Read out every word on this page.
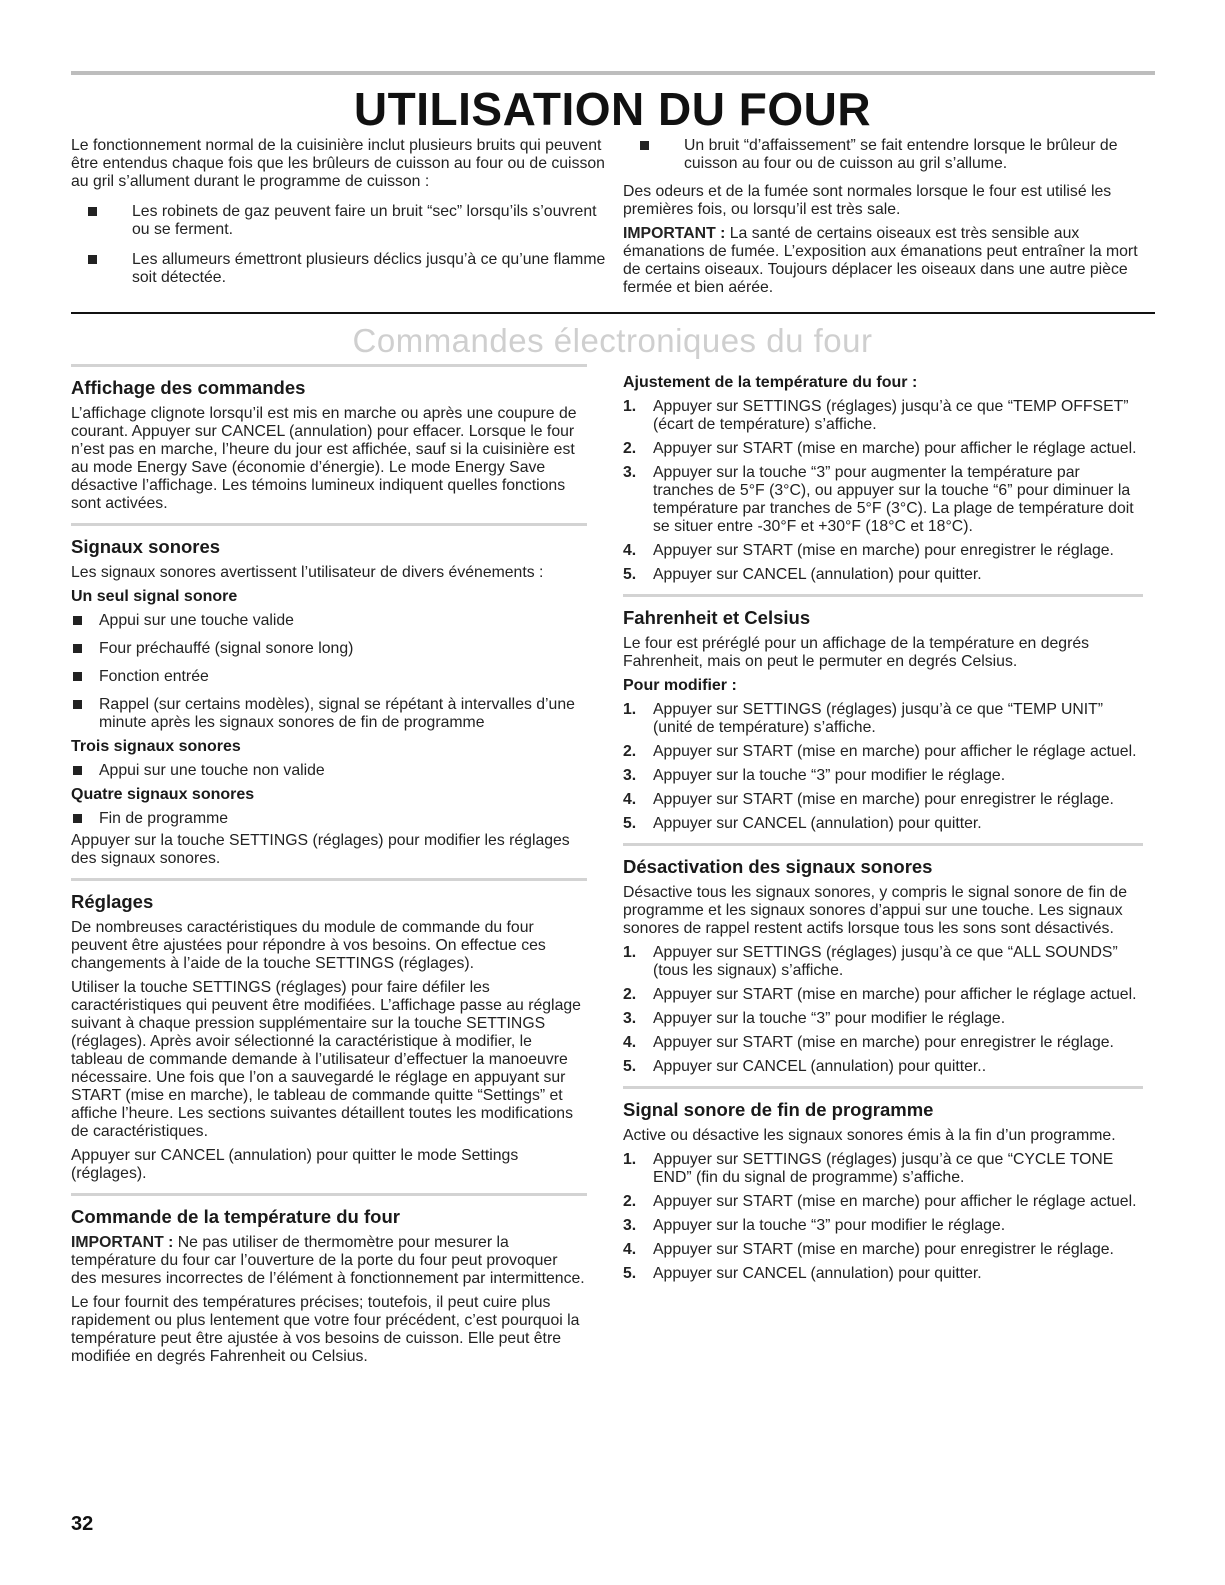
UTILISATION DU FOUR

Le fonctionnement normal de la cuisinière inclut plusieurs bruits qui peuvent être entendus chaque fois que les brûleurs de cuisson au four ou de cuisson au gril s’allument durant le programme de cuisson :

Les robinets de gaz peuvent faire un bruit “sec” lorsqu’ils s’ouvrent ou se ferment.
Les allumeurs émettront plusieurs déclics jusqu’à ce qu’une flamme soit détectée.
Un bruit “d’affaissement” se fait entendre lorsque le brûleur de cuisson au four ou de cuisson au gril s’allume.

Des odeurs et de la fumée sont normales lorsque le four est utilisé les premières fois, ou lorsqu’il est très sale.

IMPORTANT : La santé de certains oiseaux est très sensible aux émanations de fumée. L’exposition aux émanations peut entraîner la mort de certains oiseaux. Toujours déplacer les oiseaux dans une autre pièce fermée et bien aérée.

Commandes électroniques du four
Affichage des commandes

L’affichage clignote lorsqu’il est mis en marche ou après une coupure de courant. Appuyer sur CANCEL (annulation) pour effacer. Lorsque le four n’est pas en marche, l’heure du jour est affichée, sauf si la cuisinière est au mode Energy Save (économie d’énergie). Le mode Energy Save désactive l’affichage. Les témoins lumineux indiquent quelles fonctions sont activées.

Signaux sonores

Les signaux sonores avertissent l’utilisateur de divers événements :

Un seul signal sonore
Appui sur une touche valide
Four préchauffé (signal sonore long)
Fonction entrée
Rappel (sur certains modèles), signal se répétant à intervalles d’une minute après les signaux sonores de fin de programme
Trois signaux sonores
Appui sur une touche non valide
Quatre signaux sonores
Fin de programme

Appuyer sur la touche SETTINGS (réglages) pour modifier les réglages des signaux sonores.

Réglages

De nombreuses caractéristiques du module de commande du four peuvent être ajustées pour répondre à vos besoins. On effectue ces changements à l’aide de la touche SETTINGS (réglages).

Utiliser la touche SETTINGS (réglages) pour faire défiler les caractéristiques qui peuvent être modifiées. L’affichage passe au réglage suivant à chaque pression supplémentaire sur la touche SETTINGS (réglages). Après avoir sélectionné la caractéristique à modifier, le tableau de commande demande à l’utilisateur d’effectuer la manoeuvre nécessaire. Une fois que l’on a sauvegardé le réglage en appuyant sur START (mise en marche), le tableau de commande quitte “Settings” et affiche l’heure. Les sections suivantes détaillent toutes les modifications de caractéristiques.

Appuyer sur CANCEL (annulation) pour quitter le mode Settings (réglages).

Commande de la température du four

IMPORTANT : Ne pas utiliser de thermomètre pour mesurer la température du four car l’ouverture de la porte du four peut provoquer des mesures incorrectes de l’élément à fonctionnement par intermittence.

Le four fournit des températures précises; toutefois, il peut cuire plus rapidement ou plus lentement que votre four précédent, c’est pourquoi la température peut être ajustée à vos besoins de cuisson. Elle peut être modifiée en degrés Fahrenheit ou Celsius.

Ajustement de la température du four :
1. Appuyer sur SETTINGS (réglages) jusqu’à ce que “TEMP OFFSET” (écart de température) s’affiche.
2. Appuyer sur START (mise en marche) pour afficher le réglage actuel.
3. Appuyer sur la touche “3” pour augmenter la température par tranches de 5°F (3°C), ou appuyer sur la touche “6” pour diminuer la température par tranches de 5°F (3°C). La plage de température doit se situer entre -30°F et +30°F (18°C et 18°C).
4. Appuyer sur START (mise en marche) pour enregistrer le réglage.
5. Appuyer sur CANCEL (annulation) pour quitter.
Fahrenheit et Celsius

Le four est préréglé pour un affichage de la température en degrés Fahrenheit, mais on peut le permuter en degrés Celsius.

Pour modifier :
1. Appuyer sur SETTINGS (réglages) jusqu’à ce que “TEMP UNIT” (unité de température) s’affiche.
2. Appuyer sur START (mise en marche) pour afficher le réglage actuel.
3. Appuyer sur la touche “3” pour modifier le réglage.
4. Appuyer sur START (mise en marche) pour enregistrer le réglage.
5. Appuyer sur CANCEL (annulation) pour quitter.
Désactivation des signaux sonores

Désactive tous les signaux sonores, y compris le signal sonore de fin de programme et les signaux sonores d’appui sur une touche. Les signaux sonores de rappel restent actifs lorsque tous les sons sont désactivés.

1. Appuyer sur SETTINGS (réglages) jusqu’à ce que “ALL SOUNDS” (tous les signaux) s’affiche.
2. Appuyer sur START (mise en marche) pour afficher le réglage actuel.
3. Appuyer sur la touche “3” pour modifier le réglage.
4. Appuyer sur START (mise en marche) pour enregistrer le réglage.
5. Appuyer sur CANCEL (annulation) pour quitter..
Signal sonore de fin de programme

Active ou désactive les signaux sonores émis à la fin d’un programme.

1. Appuyer sur SETTINGS (réglages) jusqu’à ce que “CYCLE TONE END” (fin du signal de programme) s’affiche.
2. Appuyer sur START (mise en marche) pour afficher le réglage actuel.
3. Appuyer sur la touche “3” pour modifier le réglage.
4. Appuyer sur START (mise en marche) pour enregistrer le réglage.
5. Appuyer sur CANCEL (annulation) pour quitter.
32
